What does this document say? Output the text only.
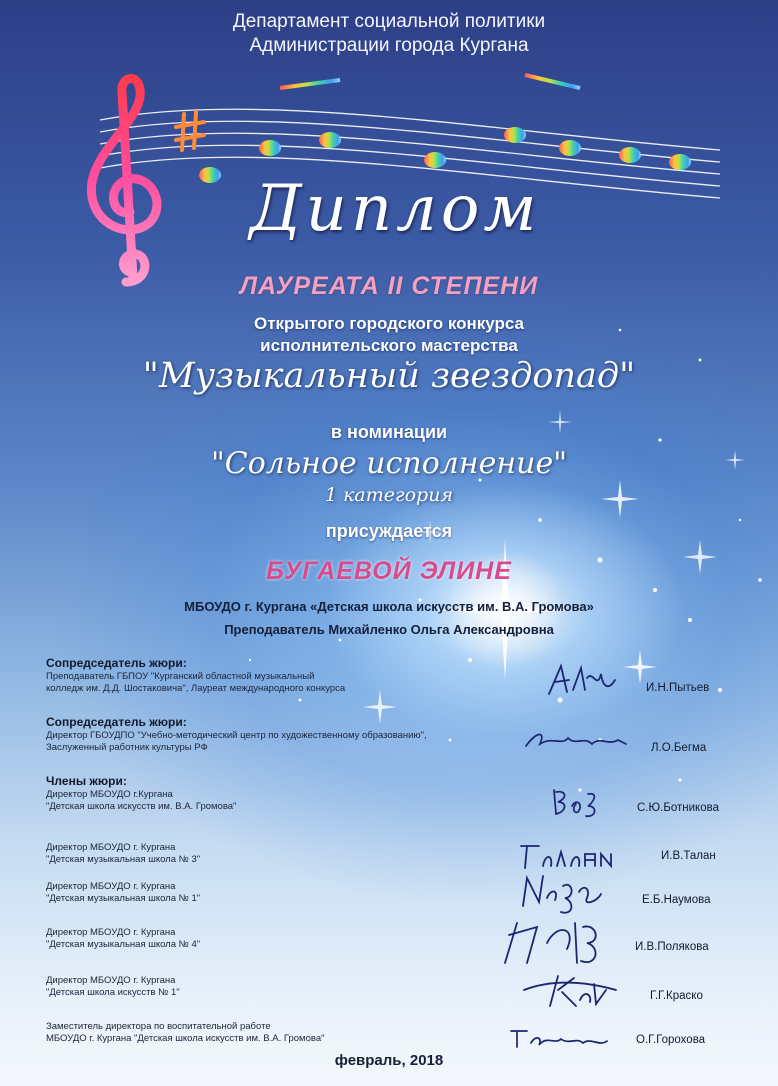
Департамент социальной политики
Администрации города Кургана
Диплом
ЛАУРЕАТА II СТЕПЕНИ
Открытого городского конкурса
исполнительского мастерства
"Музыкальный звездопад"
в номинации
"Сольное исполнение"
1 категория
присуждается
БУГАЕВОЙ ЭЛИНЕ
МБОУДО г. Кургана «Детская школа искусств им. В.А. Громова»
Преподаватель Михайленко Ольга Александровна
Сопредседатель жюри:
Преподаватель ГБПОУ "Курганский областной музыкальный
колледж им. Д.Д. Шостаковича", Лауреат международного конкурса	И.Н.Пытьев
Сопредседатель жюри:
Директор ГБОУДПО "Учебно-методический центр по художественному образованию",
Заслуженный работник культуры РФ	Л.О.Бегма
Члены жюри:
Директор МБОУДО г.Кургана
"Детская школа искусств им. В.А. Громова"	С.Ю.Ботникова
Директор МБОУДО г. Кургана
"Детская музыкальная школа № 3"	И.В.Талан
Директор МБОУДО г. Кургана
"Детская музыкальная школа № 1"	Е.Б.Наумова
Директор МБОУДО г. Кургана
"Детская музыкальная школа № 4"	И.В.Полякова
Директор МБОУДО г. Кургана
"Детская школа искусств № 1"	Г.Г.Краско
Заместитель директора по воспитательной работе
МБОУДО г. Кургана "Детская школа искусств им. В.А. Громова"	О.Г.Горохова
февраль, 2018
